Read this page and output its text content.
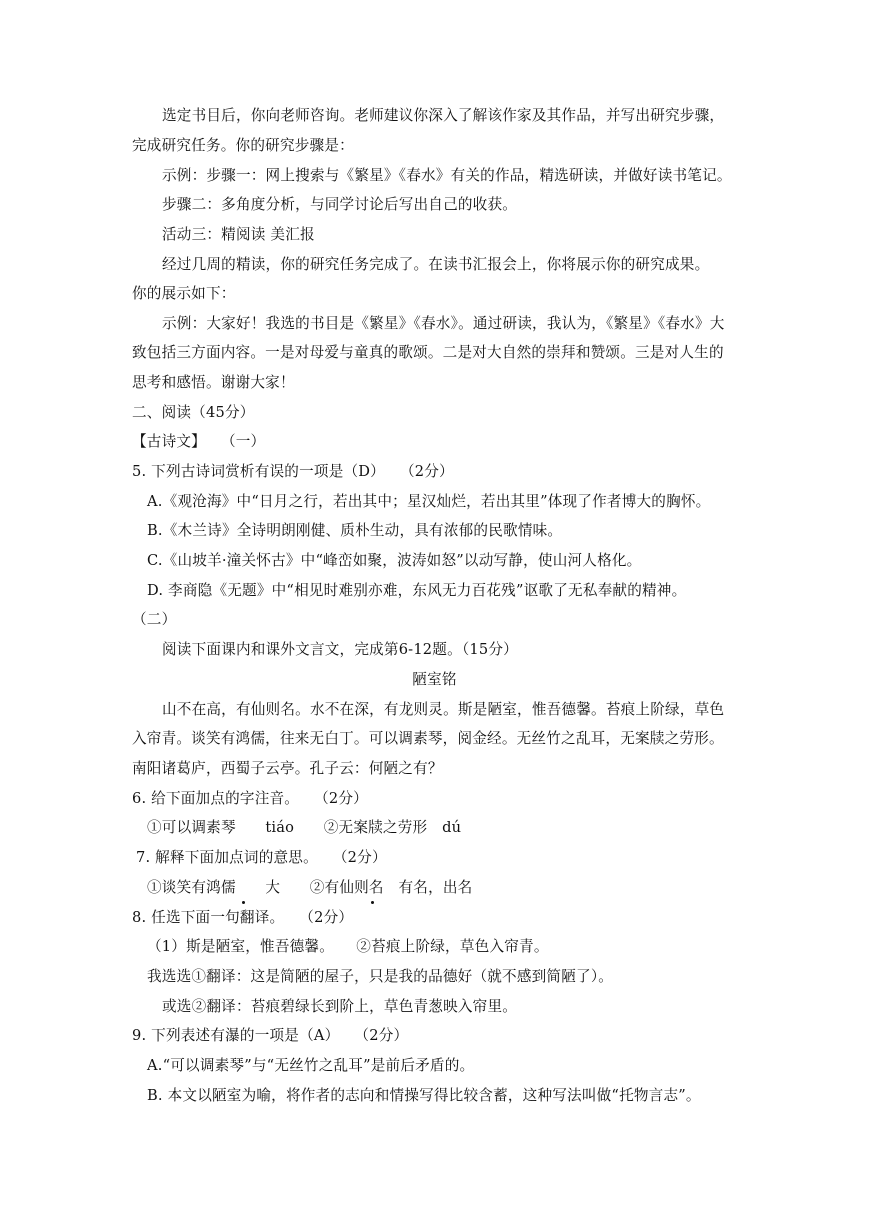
选定书目后，你向老师咨询。老师建议你深入了解该作家及其作品，并写出研究步骤，
完成研究任务。你的研究步骤是：
示例：步骤一：网上搜索与《繁星》《春水》有关的作品，精选研读，并做好读书笔记。
步骤二：多角度分析，与同学讨论后写出自己的收获。
活动三：精阅读 美汇报
经过几周的精读，你的研究任务完成了。在读书汇报会上，你将展示你的研究成果。
你的展示如下：
示例：大家好！我选的书目是《繁星》《春水》。通过研读，我认为，《繁星》《春水》大
致包括三方面内容。一是对母爱与童真的歌颂。二是对大自然的崇拜和赞颂。三是对人生的
思考和感悟。谢谢大家！
二、阅读（45分）
【古诗文】　　（一）
5. 下列古诗词赏析有误的一项是（D）　　（2分）
A.《观沧海》中“日月之行，若出其中；星汉灿烂，若出其里”体现了作者博大的胸怀。
B.《木兰诗》全诗明朗刚健、质朴生动，具有浓郁的民歌情味。
C.《山坡羊·潼关怀古》中“峰峦如聚，波涛如怒”以动写静，使山河人格化。
D. 李商隐《无题》中“相见时难别亦难，东风无力百花残”讴歌了无私奉献的精神。
（二）
阅读下面课内和课外文言文，完成第6-12题。（15分）
陋室铭
山不在高，有仙则名。水不在深，有龙则灵。斯是陋室，惟吾德馨。苔痕上阶绿，草色
入帘青。谈笑有鸿儒，往来无白丁。可以调素琴，阅金经。无丝竹之乱耳，无案牍之劳形。
南阳诸葛庐，西蜀子云亭。孔子云：何陋之有？
6. 给下面加点的字注音。　　（2分）
①可以调素琴　　tiáo　　②无案牍之劳形　dú
7. 解释下面加点词的意思。　　（2分）
①谈笑有鸿儒　　大　　②有仙则名　有名，出名
8. 任选下面一句翻译。　　（2分）
（1）斯是陋室，惟吾德馨。　　②苔痕上阶绿，草色入帘青。
我选选①翻译：这是简陋的屋子，只是我的品德好（就不感到简陋了）。
或选②翻译：苔痕碧绿长到阶上，草色青葱映入帘里。
9. 下列表述有瀑的一项是（A）　　（2分）
A.“可以调素琴”与“无丝竹之乱耳”是前后矛盾的。
B. 本文以陋室为喻，将作者的志向和情操写得比较含蓄，这种写法叫做“托物言志”。
